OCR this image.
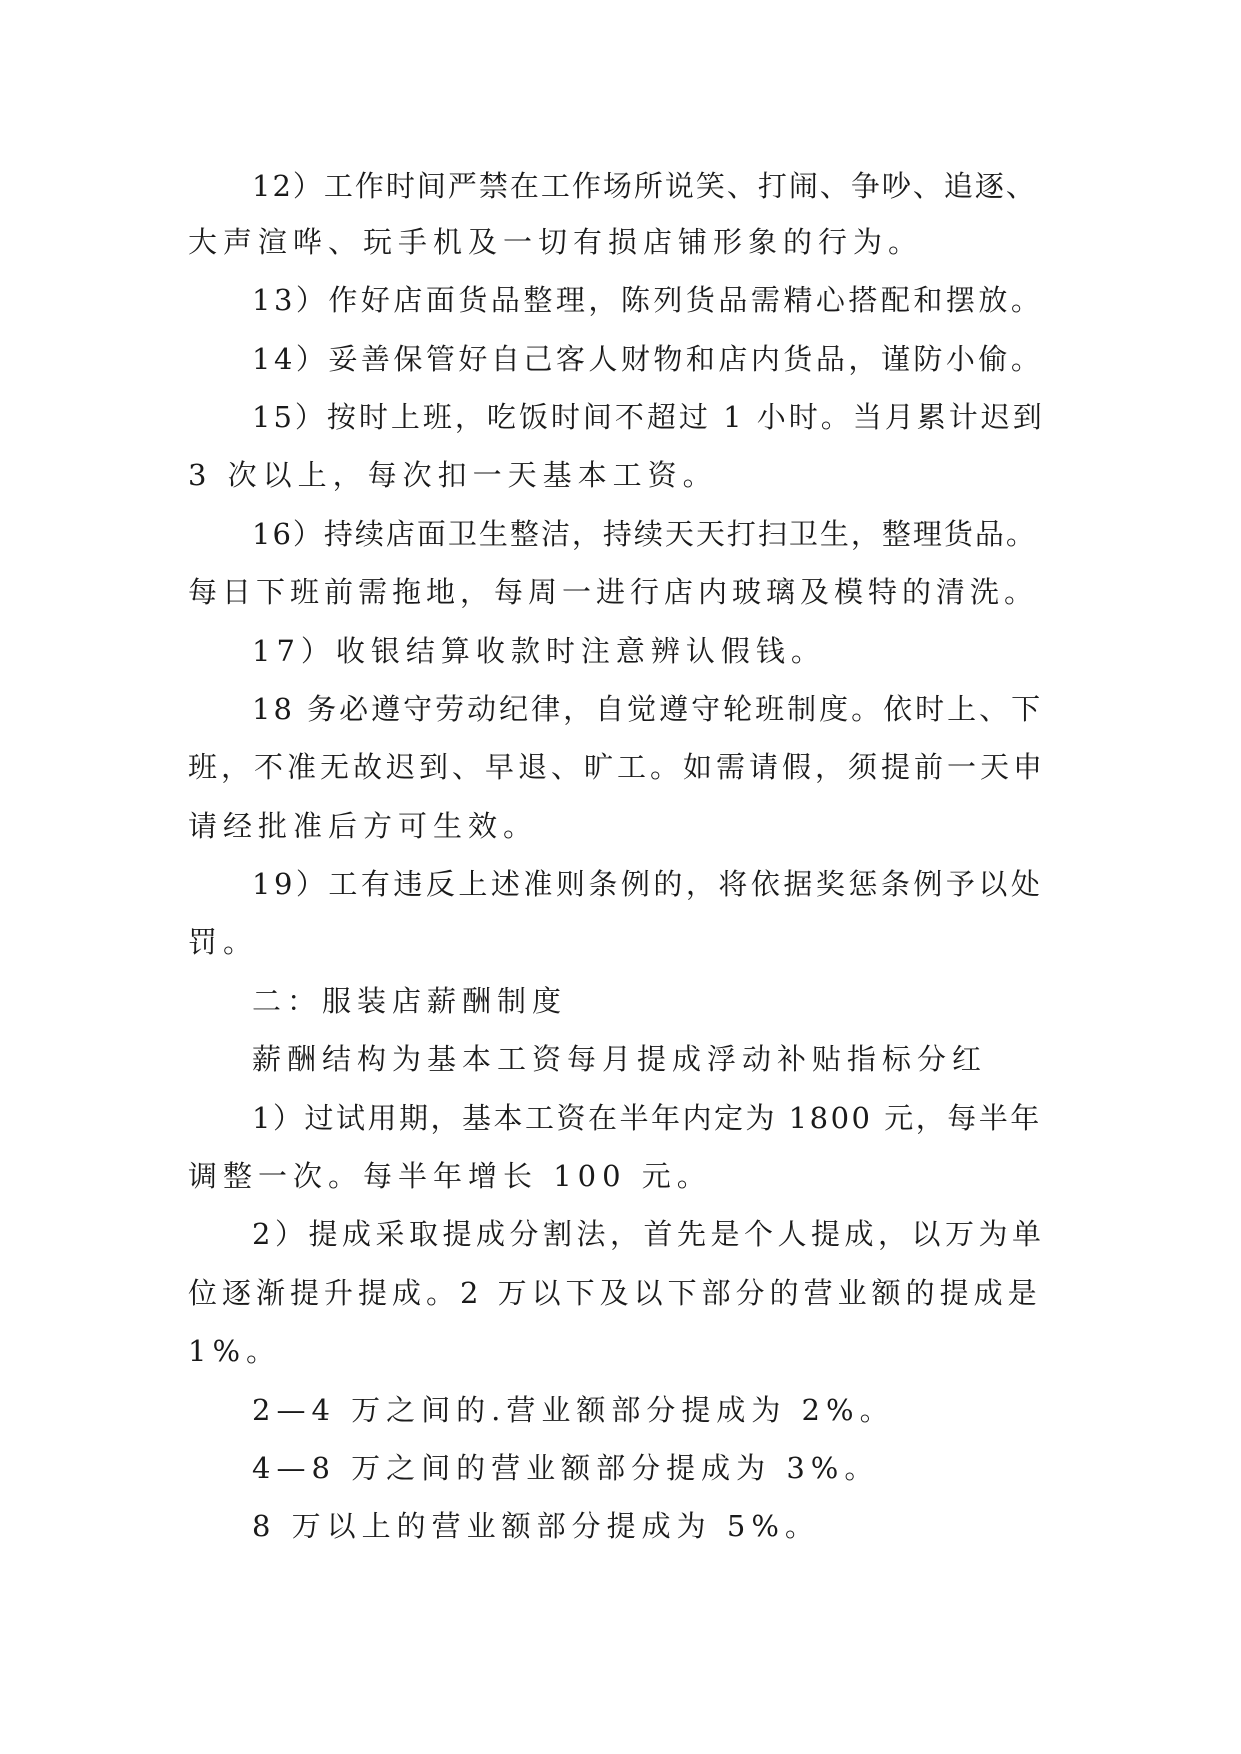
12）工作时间严禁在工作场所说笑、打闹、争吵、追逐、

大声渲哗、玩手机及一切有损店铺形象的行为。

13）作好店面货品整理，陈列货品需精心搭配和摆放。

14）妥善保管好自己客人财物和店内货品，谨防小偷。

15）按时上班，吃饭时间不超过 1 小时。当月累计迟到

3 次以上，每次扣一天基本工资。

16）持续店面卫生整洁，持续天天打扫卫生，整理货品。

每日下班前需拖地，每周一进行店内玻璃及模特的清洗。

17）收银结算收款时注意辨认假钱。

18 务必遵守劳动纪律，自觉遵守轮班制度。依时上、下

班，不准无故迟到、早退、旷工。如需请假，须提前一天申

请经批准后方可生效。

19）工有违反上述准则条例的，将依据奖惩条例予以处

罚。

二：服装店薪酬制度

薪酬结构为基本工资每月提成浮动补贴指标分红

1）过试用期，基本工资在半年内定为 1800 元，每半年

调整一次。每半年增长 100 元。

2）提成采取提成分割法，首先是个人提成，以万为单

位逐渐提升提成。2 万以下及以下部分的营业额的提成是

1%。

2—4 万之间的.营业额部分提成为 2%。

4—8 万之间的营业额部分提成为 3%。

8 万以上的营业额部分提成为 5%。
